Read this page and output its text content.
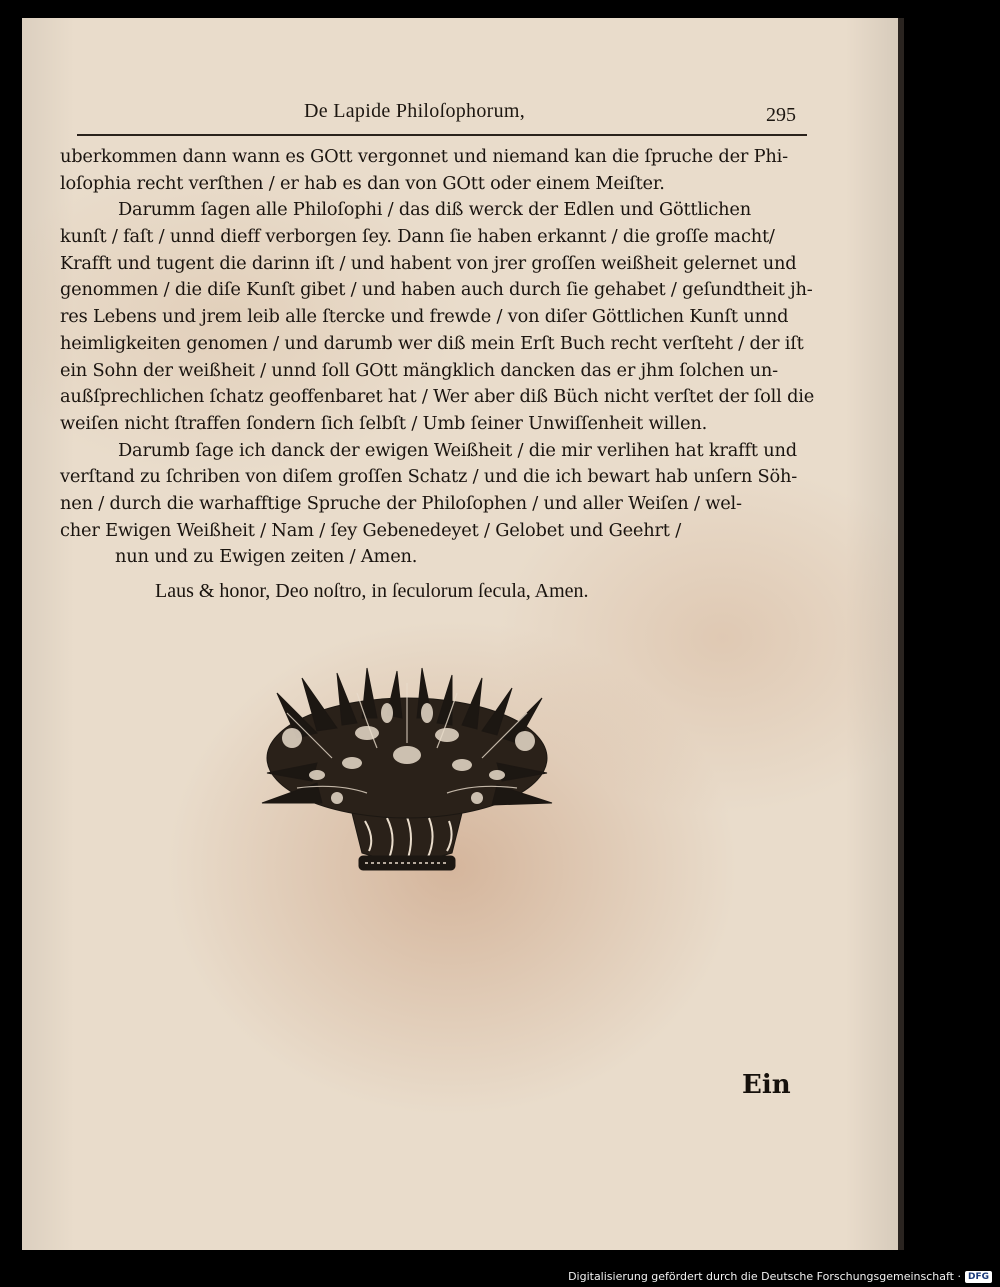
De Lapide Philoſophorum,	295

uberkommen dann wann es GOtt vergonnet und niemand kan die ſpruche der Phi-
loſophia recht verſthen / er hab es dan von GOtt oder einem Meiſter.

Darumm ſagen alle Philoſophi / das diß werck der Edlen und Göttlichen
kunſt / faſt / unnd dieff verborgen ſey. Dann ſie haben erkannt / die groſſe macht/
Krafft und tugent die darinn iſt / und habent von jrer groſſen weißheit gelernet und
genommen / die diſe Kunſt gibet / und haben auch durch ſie gehabet / geſundtheit jh-
res Lebens und jrem leib alle ſtercke und frewde / von diſer Göttlichen Kunſt unnd
heimligkeiten genomen / und darumb wer diß mein Erſt Buch recht verſteht / der iſt
ein Sohn der weißheit / unnd ſoll GOtt mängklich dancken das er jhm ſolchen un-
außſprechlichen ſchatz geoffenbaret hat / Wer aber diß Büch nicht verſtet der ſoll die
weiſen nicht ſtraffen ſondern ſich ſelbſt / Umb ſeiner Unwiſſenheit willen.

Darumb ſage ich danck der ewigen Weißheit / die mir verlihen hat krafft und
verſtand zu ſchriben von diſem groſſen Schatz / und die ich bewart hab unſern Söh-
nen / durch die warhafftige Spruche der Philoſophen / und aller Weiſen / wel-
cher Ewigen Weißheit / Nam / ſey Gebenedeyet / Gelobet und Geehrt /
nun und zu Ewigen zeiten / Amen.

Laus & honor, Deo noſtro, in ſeculorum ſecula, Amen.
Ein
Digitalisierung gefördert durch die Deutsche Forschungsgemeinschaft · DFG
